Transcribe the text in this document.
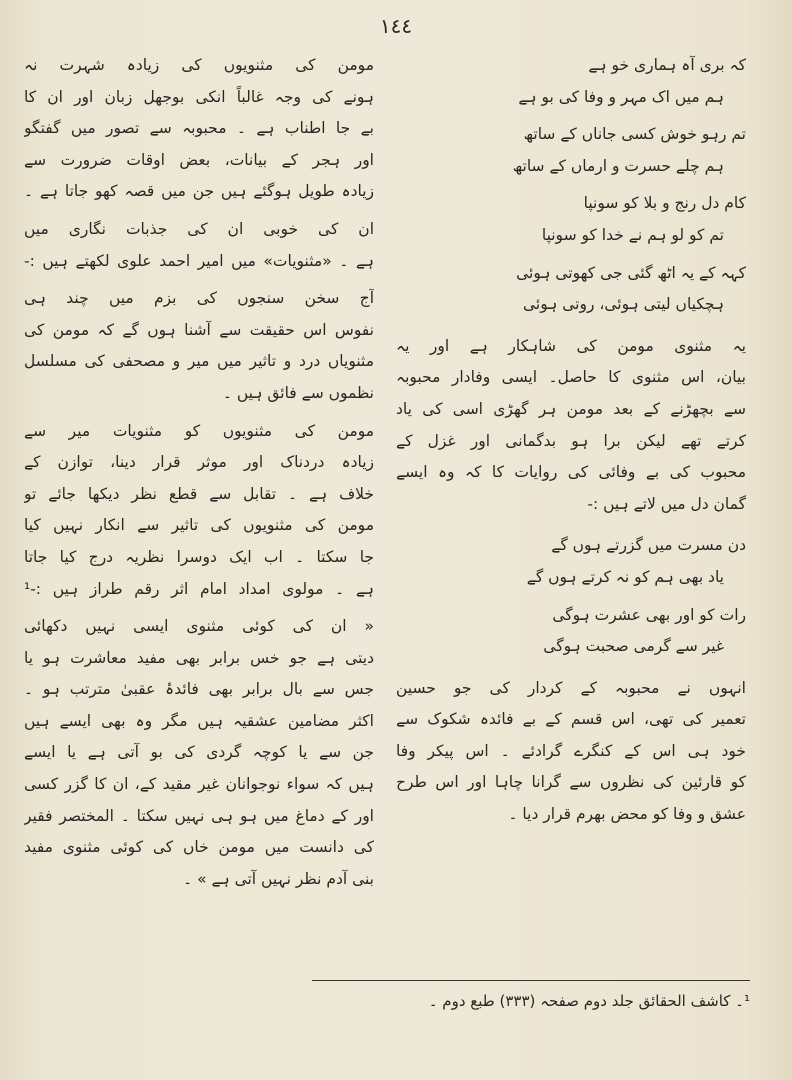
١٤٤
کہ بری آہ ہماری خو ہے
ہم میں اک مہر و وفا کی بو ہے
تم رہو خوش کسی جاناں کے ساتھ
ہم چلے حسرت و ارماں کے ساتھ
کام دل رنج و بلا کو سونپا
تم کو لو ہم نے خدا کو سونپا
کہہ کے یہ اٹھ گئی جی کھوتی ہوئی
ہچکیاں لیتی ہوئی، روتی ہوئی
یہ مثنوی مومن کی شاہکار ہے اور یہ
بیان، اس مثنوی کا حاصل۔ ایسی وفادار محبوبہ
سے بچھڑنے کے بعد مومن ہر گھڑی اسی کی یاد
کرتے تھے لیکن برا ہو بدگمانی اور غزل کے
محبوب کی بے وفائی کی روایات کا کہ وہ ایسے
گمان دل میں لاتے ہیں :-
دن مسرت میں گزرتے ہوں گے
یاد بھی ہم کو نہ کرتے ہوں گے
رات کو اور بھی عشرت ہوگی
غیر سے گرمی صحبت ہوگی
انہوں نے محبوبہ کے کردار کی جو حسین
تعمیر کی تھی، اس قسم کے بے فائدہ شکوک سے
خود ہی اس کے کنگرے گرادئے ۔ اس پیکر وفا
کو قارئین کی نظروں سے گرانا چاہا اور اس طرح
عشق و وفا کو محض بھرم قرار دیا ۔
مومن کی مثنویوں کی زیادہ شہرت نہ
ہونے کی وجہ غالباً انکی بوجھل زبان اور ان کا
بے جا اطناب ہے ۔ محبوبہ سے تصور میں گفتگو
اور ہجر کے بیانات، بعض اوقات ضرورت سے
زیادہ طویل ہوگئے ہیں جن میں قصہ کھو جاتا ہے ۔
ان کی خوبی ان کی جذبات نگاری میں
ہے ۔ «مثنویات» میں امیر احمد علوی لکھتے ہیں :-
آج سخن سنجوں کی بزم میں چند ہی
نفوس اس حقیقت سے آشنا ہوں گے کہ مومن کی
مثنویاں درد و تاثیر میں میر و مصحفی کی مسلسل
نظموں سے فائق ہیں ۔
مومن کی مثنویوں کو مثنویات میر سے
زیادہ دردناک اور موثر قرار دینا، توازن کے
خلاف ہے ۔ تقابل سے قطع نظر دیکھا جائے تو
مومن کی مثنویوں کی تاثیر سے انکار نہیں کیا
جا سکتا ۔ اب ایک دوسرا نظریہ درج کیا جاتا
ہے ۔ مولوی امداد امام اثر رقم طراز ہیں :-¹
« ان کی کوئی مثنوی ایسی نہیں دکھائی
دیتی ہے جو خس برابر بھی مفید معاشرت ہو یا
جس سے بال برابر بھی فائدۂ عقبیٰ مترتب ہو ۔
اکثر مضامین عشقیہ ہیں مگر وہ بھی ایسے ہیں
جن سے یا کوچہ گردی کی بو آتی ہے یا ایسے
ہیں کہ سواء نوجوانان غیر مقید کے، ان کا گزر کسی
اور کے دماغ میں ہو ہی نہیں سکتا ۔ المختصر فقیر
کی دانست میں مومن خاں کی کوئی مثنوی مفید
بنی آدم نظر نہیں آتی ہے » ۔
¹۔ کاشف الحقائق جلد دوم صفحہ (۳۳۳) طبع دوم ۔
